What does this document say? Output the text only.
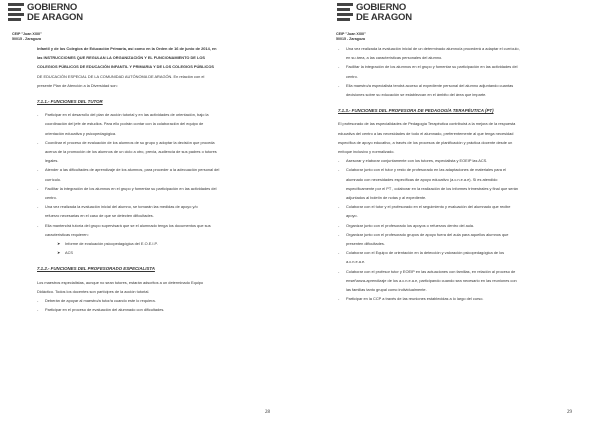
GOBIERNO
DE ARAGON
CEIP "Juan XXIII"
50015 - Zaragoza
Infantil y de los Colegios de Educación Primaria, así como en la Orden de 16 de junio de 2014, en
las INSTRUCCIONES QUE REGULAN LA ORGANIZACIÓN Y EL FUNCIONAMIENTO DE LOS
COLEGIOS PÚBLICOS DE EDUCACIÓN INFANTIL Y PRIMARIA Y DE LOS COLEGIOS PÚBLICOS
DE EDUCACIÓN ESPECIAL DE LA COMUNIDAD AUTÓNOMA DE ARAGÓN. En relación con el
presente Plan de Atención a la Diversidad son:
7.1.1.- FUNCIONES DEL TUTOR
-	Participar en el desarrollo del plan de acción tutorial y en las actividades de orientación, bajo la
coordinación del jefe de estudios. Para ello podrán contar con la colaboración del equipo de
orientación educativa y psicopedagógica.
-	Coordinar el proceso de evaluación de los alumnos de su grupo y adoptar la decisión que proceda
acerca de la promoción de los alumnos de un ciclo a otro, previa, audiencia de sus padres o tutores
legales.
-	Atender a las dificultades de aprendizaje de los alumnos, para proceder a la adecuación personal del
currículo.
-	Facilitar la integración de los alumnos en el grupo y fomentar su participación en las actividades del
centro.
-	Una vez realizada la evaluación inicial del alumno, se tomarán las medidas de apoyo y/o
refuerzo necesarias en el caso de que se detecten dificultades.
-	Ella mantendrá tutoría del grupo supervisará que se el alumnado tenga los documentos que sus
características requieren:
➤	Informe de evaluación psicopedagógica del E.O.E.I.P.
➤	ACS
7.1.2.- FUNCIONES DEL PROFESORADO ESPECIALISTA
Los maestros especialistas, aunque no sean tutores, estarán adscritos a un determinado Equipo
Didáctico. Todos los docentes son partícipes de la acción tutorial.
-	Deberán de apoyar al maestro/a tutor/a cuando este lo requiera.
-	Participar en el proceso de evaluación del alumnado con dificultades.
28
GOBIERNO
DE ARAGON
CEIP "Juan XXIII"
50015 - Zaragoza
-	Una vez realizada la evaluación inicial de un determinado alumno/a procederá a adaptar el currículo,
en su área, a las características personales del alumno.
-	Facilitar la integración de los alumnos en el grupo y fomentar su participación en las actividades del
centro.
-	Ella maestro/a especialista tendrá acceso al expediente personal del alumno adjuntando cuantas
decisiones sobre su educación se establezcan en el ámbito del área que imparte.
7.1.3.- FUNCIONES DEL PROFESORA DE PEDAGOGÍA TERAPÉUTICA (PT)
El profesorado de las especialidades de Pedagogía Terapéutica contribuirá a la mejora de la respuesta
educativa del centro a las necesidades de todo el alumnado, preferentemente al que tenga necesidad
específica de apoyo educativo, a través de los procesos de planificación y práctica docente desde un
enfoque inclusivo y normalizado.
-	Asesorar y elaborar conjuntamente con los tutores, especialista y EOEIP las ACS.
-	Colaborar junto con el tutor y resto de profesorado en las adaptaciones de materiales para el
alumnado con necesidades específicas de apoyo educativo (a.c.n.e.a.e). Si es atendido
específicamente por el PT , colaborar en la realización de los informes trimestrales y final que serán
adjuntados al boletín de notas y al expediente.
-	Colaborar con el tutor y el profesorado en el seguimiento y evaluación del alumnado que recibe
apoyo.
-	Organizar junto con el profesorado los apoyos o refuerzos dentro del aula.
-	Organizar junto con el profesorado grupos de apoyo fuera del aula para aquellos alumnos que
presenten dificultades.
-	Colaborar con el Equipo de orientación en la detección y valoración psicopedagógica de los
a.c.n.e.a.e.
-	Colaborar con el profesor tutor y EOEIP en las actuaciones con familias, en relación al proceso de
enseñanza-aprendizaje de los a.c.n.e.a.e, participando cuando sea necesario en las reuniones con
las familias tanto grupal como individualmente.
-	Participar en la CCP a través de las reuniones establecidas a lo largo del curso.
29
